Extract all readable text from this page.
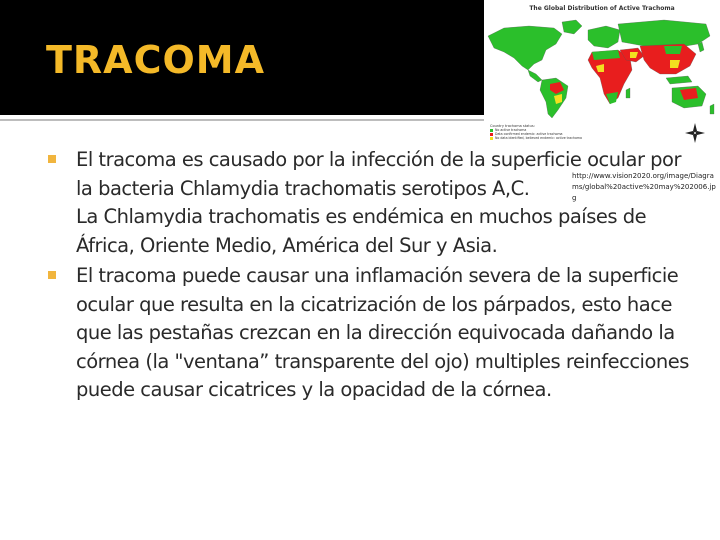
TRACOMA
The Global Distribution of Active Trachoma
Country trachoma status:
No active trachoma
Data confirmed endemic: active trachoma
No data identified, believed endemic: active trachoma
http://www.vision2020.org/image/Diagrams/global%20active%20may%202006.jpg
El tracoma es causado por la infección de la superficie ocular por la bacteria Chlamydia trachomatis serotipos A,C.
La Chlamydia trachomatis es endémica en muchos países de África, Oriente Medio, América del Sur y Asia.
El tracoma puede causar una inflamación severa de la superficie ocular que resulta en la cicatrización de los párpados, esto hace que las pestañas crezcan en la dirección equivocada dañando la córnea (la "ventana” transparente del ojo) multiples reinfecciones puede causar cicatrices y la opacidad de la córnea.
